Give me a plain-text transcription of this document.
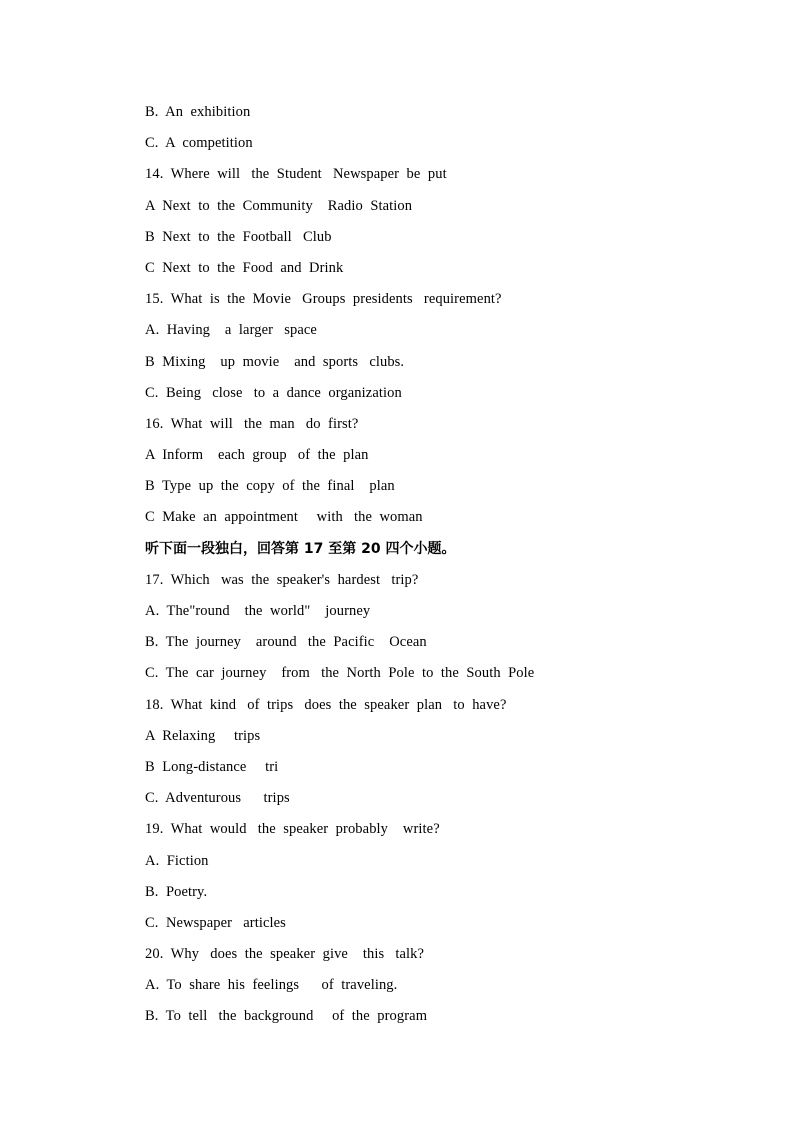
B.  An  exhibition
C.  A  competition
14.  Where  will   the  Student   Newspaper  be  put
A  Next  to  the  Community    Radio  Station
B  Next  to  the  Football   Club
C  Next  to  the  Food  and  Drink
15.  What  is  the  Movie   Groups  presidents   requirement?
A.  Having    a  larger   space
B  Mixing    up  movie    and  sports   clubs.
C.  Being   close   to  a  dance  organization
16.  What  will   the  man   do  first?
A  Inform    each  group   of  the  plan
B  Type  up  the  copy  of  the  final    plan
C  Make  an  appointment     with   the  woman
听下面一段独白，回答第 17 至第 20 四个小题。
17.  Which   was  the  speaker's  hardest   trip?
A.  The"round    the  world"    journey
B.  The  journey    around   the  Pacific    Ocean
C.  The  car  journey    from   the  North  Pole  to  the  South  Pole
18.  What  kind   of  trips   does  the  speaker  plan   to  have?
A  Relaxing     trips
B  Long-distance     tri
C.  Adventurous      trips
19.  What  would   the  speaker  probably    write?
A.  Fiction
B.  Poetry.
C.  Newspaper   articles
20.  Why   does  the  speaker  give    this   talk?
A.  To  share  his  feelings      of  traveling.
B.  To  tell   the  background     of  the  program
